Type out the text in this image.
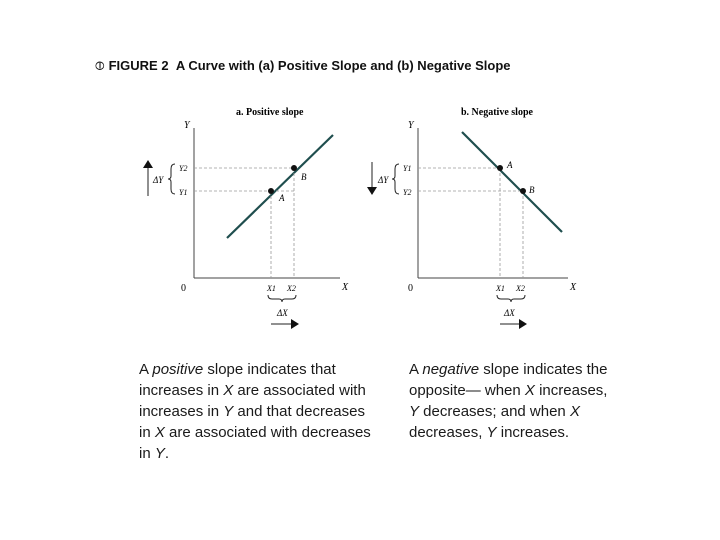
⦷ FIGURE 2 A Curve with (a) Positive Slope and (b) Negative Slope
a. Positive slope
Y
X
0
A
B
Y2
Y1
ΔY
X1 X2
ΔX
b. Negative slope
Y
X
0
A
B
Y1
Y2
ΔY
X1 X2
ΔX
A positive slope indicates that increases in X are associated with increases in Y and that decreases in X are associated with decreases in Y.
A negative slope indicates the opposite— when X increases, Y decreases; and when X decreases, Y increases.
